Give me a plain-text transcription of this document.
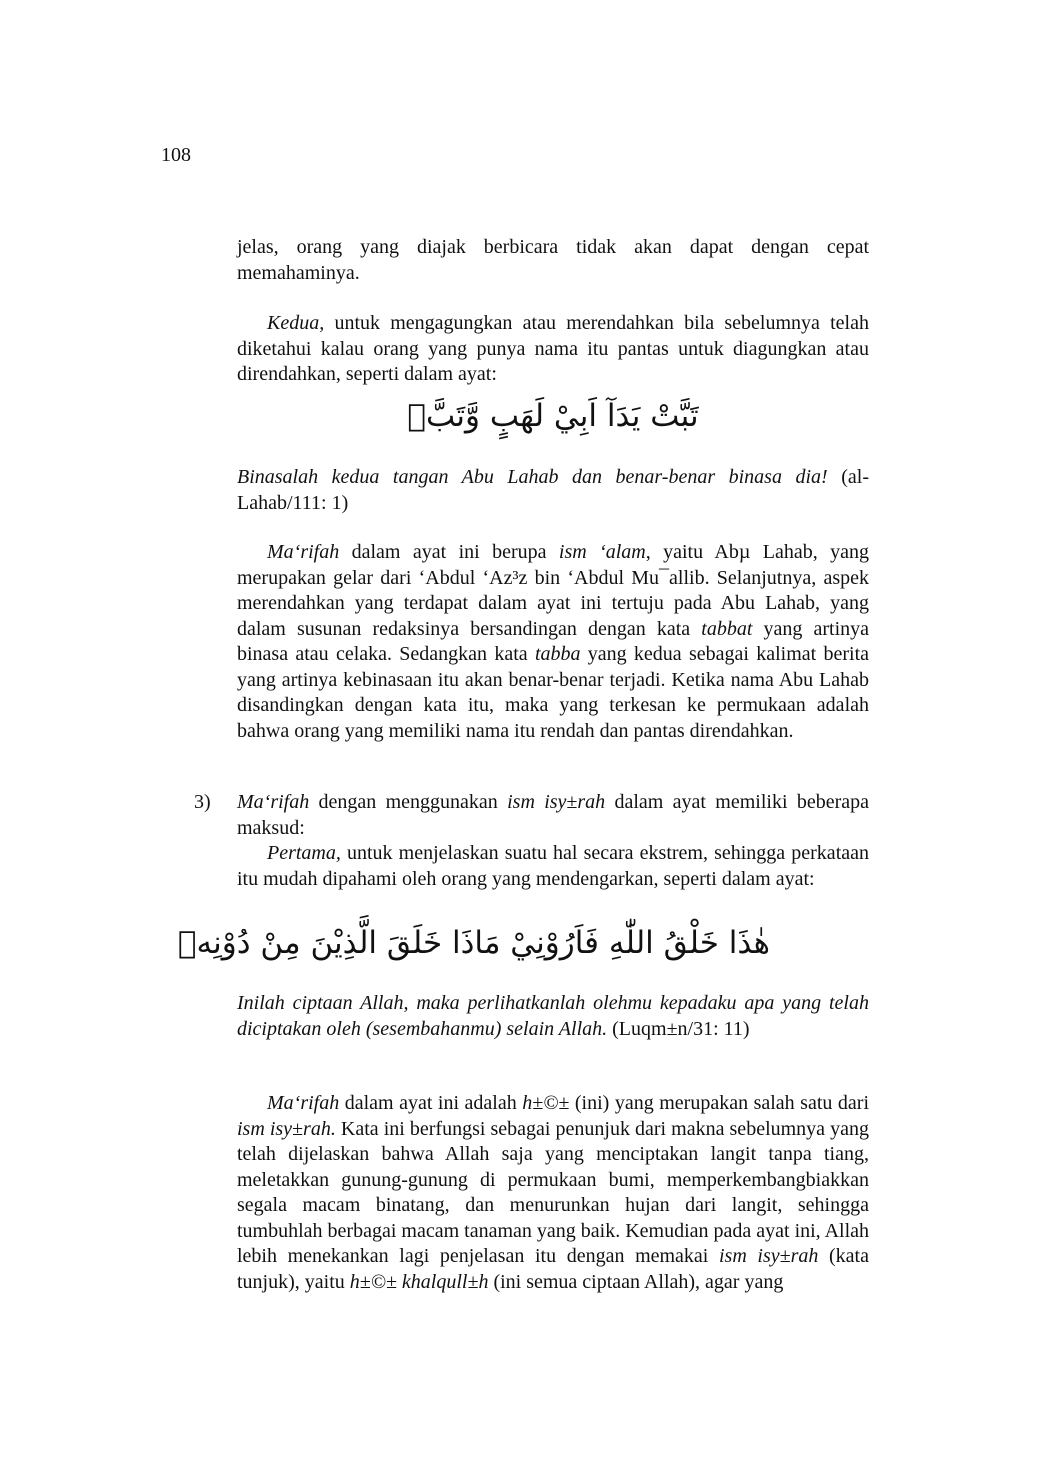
108

jelas, orang yang diajak berbicara tidak akan dapat dengan cepat memahaminya.

Kedua, untuk mengagungkan atau merendahkan bila sebelumnya telah diketahui kalau orang yang punya nama itu pantas untuk diagungkan atau direndahkan, seperti dalam ayat:

تَبَّتْ يَدَآ اَبِيْ لَهَبٍ وَّتَبَّۗ

Binasalah kedua tangan Abu Lahab dan benar-benar binasa dia! (al-Lahab/111: 1)

Ma‘rifah dalam ayat ini berupa ism ‘alam, yaitu Abµ Lahab, yang merupakan gelar dari ‘Abdul ‘Az³z bin ‘Abdul Mu¯allib. Selanjutnya, aspek merendahkan yang terdapat dalam ayat ini tertuju pada Abu Lahab, yang dalam susunan redaksinya bersandingan dengan kata tabbat yang artinya binasa atau celaka. Sedangkan kata tabba yang kedua sebagai kalimat berita yang artinya kebinasaan itu akan benar-benar terjadi. Ketika nama Abu Lahab disandingkan dengan kata itu, maka yang terkesan ke permukaan adalah bahwa orang yang memiliki nama itu rendah dan pantas direndahkan.

3) Ma‘rifah dengan menggunakan ism isy±rah dalam ayat memiliki beberapa maksud:

Pertama, untuk menjelaskan suatu hal secara ekstrem, sehingga perkataan itu mudah dipahami oleh orang yang mendengarkan, seperti dalam ayat:

هٰذَا خَلْقُ اللّٰهِ فَاَرُوْنِيْ مَاذَا خَلَقَ الَّذِيْنَ مِنْ دُوْنِهٖ

Inilah ciptaan Allah, maka perlihatkanlah olehmu kepadaku apa yang telah diciptakan oleh (sesembahanmu) selain Allah. (Luqm±n/31: 11)

Ma‘rifah dalam ayat ini adalah h±©± (ini) yang merupakan salah satu dari ism isy±rah. Kata ini berfungsi sebagai penunjuk dari makna sebelumnya yang telah dijelaskan bahwa Allah saja yang menciptakan langit tanpa tiang, meletakkan gunung-gunung di permukaan bumi, memperkembangbiakkan segala macam binatang, dan menurunkan hujan dari langit, sehingga tumbuhlah berbagai macam tanaman yang baik. Kemudian pada ayat ini, Allah lebih menekankan lagi penjelasan itu dengan memakai ism isy±rah (kata tunjuk), yaitu h±©± khalqull±h (ini semua ciptaan Allah), agar yang
